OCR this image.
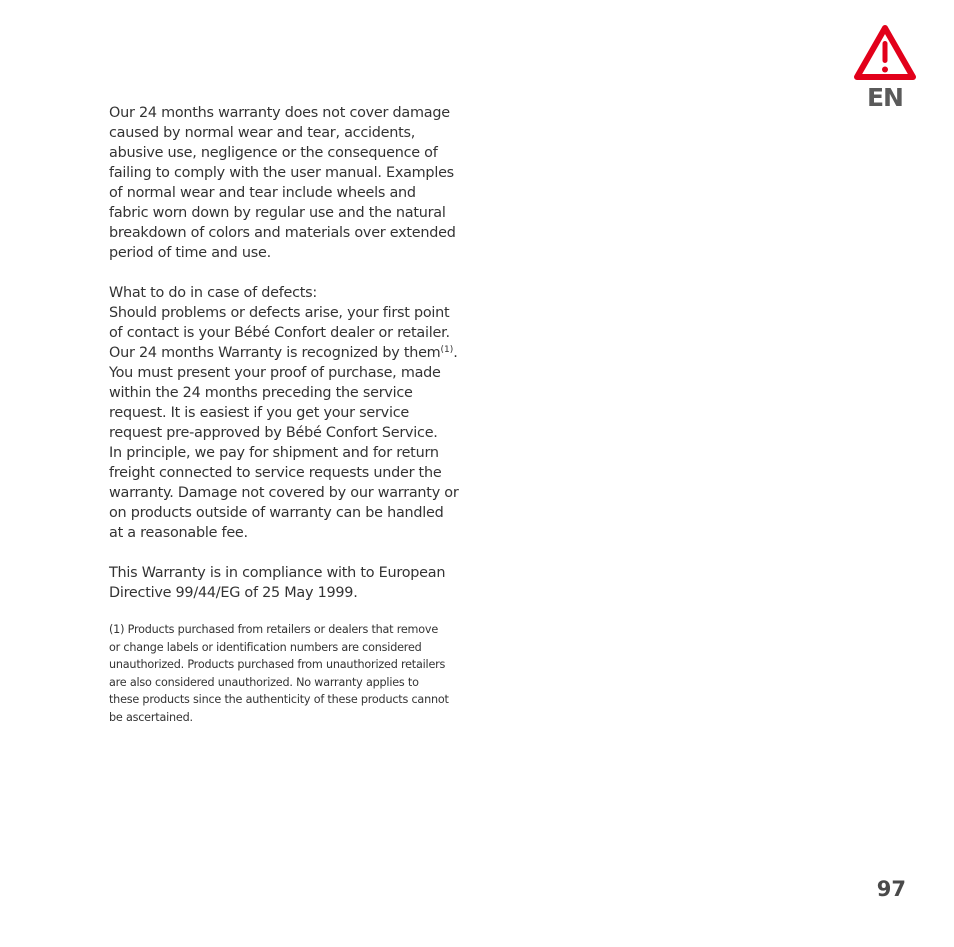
Our 24 months warranty does not cover damage
caused by normal wear and tear, accidents,
abusive use, negligence or the consequence of
failing to comply with the user manual. Examples
of normal wear and tear include wheels and
fabric worn down by regular use and the natural
breakdown of colors and materials over extended
period of time and use.

What to do in case of defects:

Should problems or defects arise, your first point
of contact is your Bébé Confort dealer or retailer.
Our 24 months Warranty is recognized by them$^{(1)}$.

You must present your proof of purchase, made
within the 24 months preceding the service
request. It is easiest if you get your service
request pre-approved by Bébé Confort Service.
In principle, we pay for shipment and for return
freight connected to service requests under the
warranty. Damage not covered by our warranty or
on products outside of warranty can be handled
at a reasonable fee.

This Warranty is in compliance with to European
Directive 99/44/EG of 25 May 1999.

(1) Products purchased from retailers or dealers that remove
or change labels or identification numbers are considered
unauthorized. Products purchased from unauthorized retailers
are also considered unauthorized. No warranty applies to
these products since the authenticity of these products cannot
be ascertained.

EN
97
